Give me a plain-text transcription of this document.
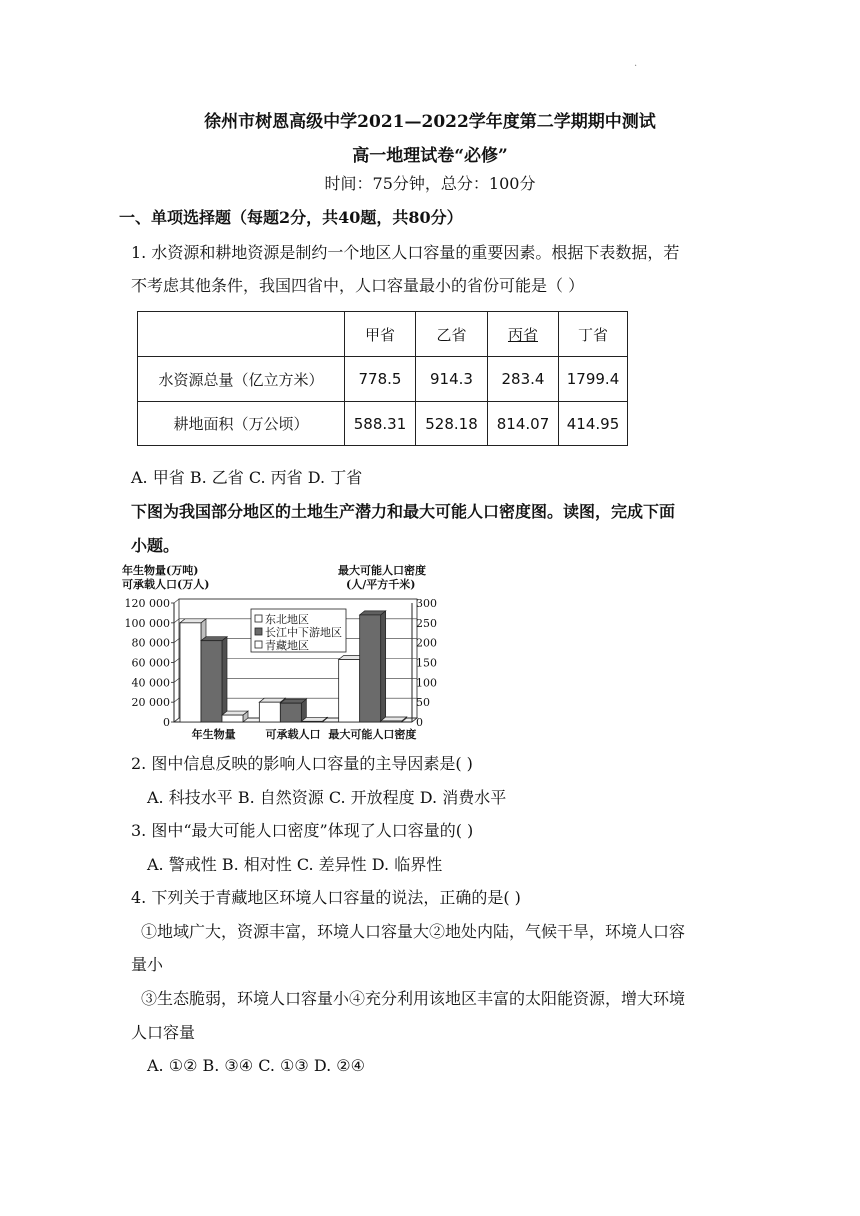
.
徐州市树恩高级中学2021—2022学年度第二学期期中测试
高一地理试卷“必修”
时间：75分钟，总分：100分
一、单项选择题（每题2分，共40题，共80分）
1. 水资源和耕地资源是制约一个地区人口容量的重要因素。根据下表数据，若
不考虑其他条件，我国四省中，人口容量最小的省份可能是（ ）
	甲省	乙省	丙省	丁省
水资源总量（亿立方米）	778.5	914.3	283.4	1799.4
耕地面积（万公顷）	588.31	528.18	814.07	414.95
A. 甲省 B. 乙省 C. 丙省 D. 丁省
下图为我国部分地区的土地生产潜力和最大可能人口密度图。读图，完成下面
小题。
120 000	300
100 000	250
80 000	200
60 000	150
40 000	100
20 000	50
0	0
年生物量(万吨)
可承载人口(万人)
最大可能人口密度
(人/平方千米)
年生物量	可承载人口 最大可能人口密度
东北地区
长江中下游地区
青藏地区
2. 图中信息反映的影响人口容量的主导因素是( )
A. 科技水平 B. 自然资源 C. 开放程度 D. 消费水平
3. 图中“最大可能人口密度”体现了人口容量的( )
A. 警戒性 B. 相对性 C. 差异性 D. 临界性
4. 下列关于青藏地区环境人口容量的说法，正确的是( )
①地域广大，资源丰富，环境人口容量大②地处内陆，气候干旱，环境人口容
量小
③生态脆弱，环境人口容量小④充分利用该地区丰富的太阳能资源，增大环境
人口容量
A. ①② B. ③④ C. ①③ D. ②④
